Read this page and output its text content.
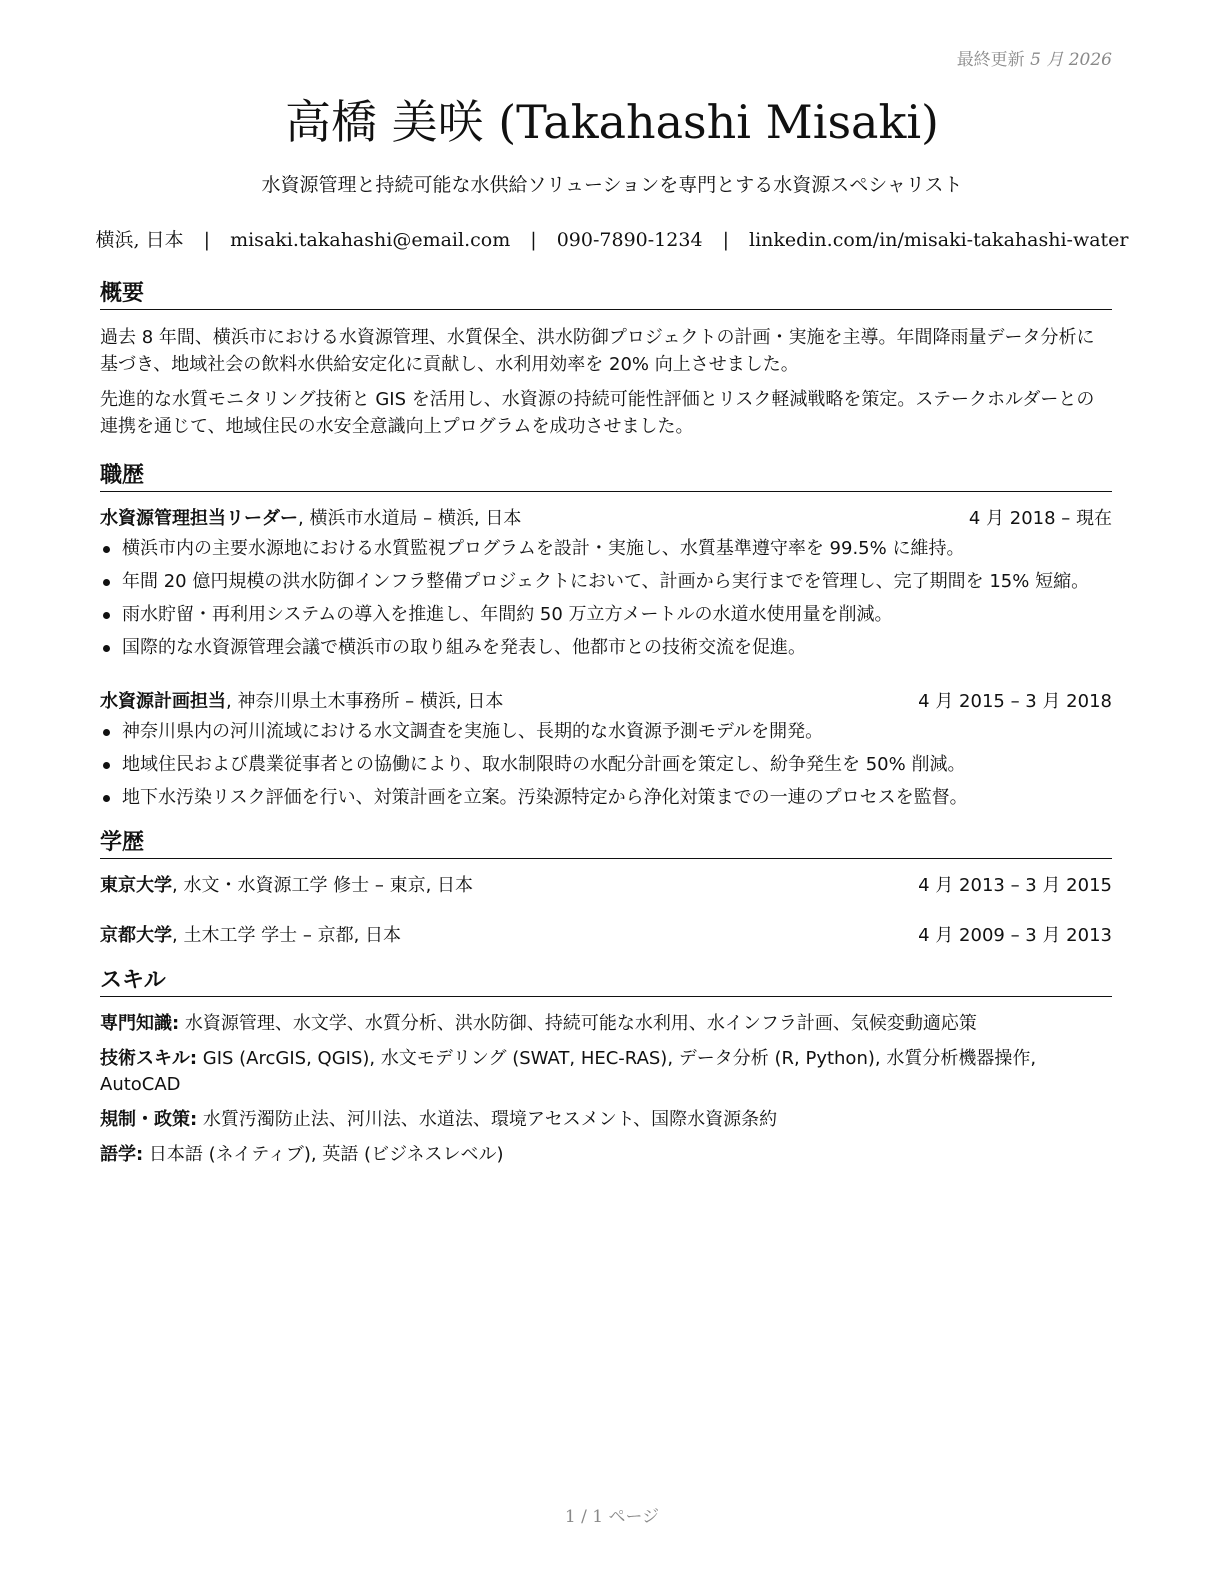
最終更新 5 月 2026
高橋 美咲 (Takahashi Misaki)
水資源管理と持続可能な水供給ソリューションを専門とする水資源スペシャリスト
横浜, 日本 | misaki.takahashi@email.com | 090-7890-1234 | linkedin.com/in/misaki-takahashi-water
概要

過去 8 年間、横浜市における水資源管理、水質保全、洪水防御プロジェクトの計画・実施を主導。年間降雨量データ分析に基づき、地域社会の飲料水供給安定化に貢献し、水利用効率を 20% 向上させました。

先進的な水質モニタリング技術と GIS を活用し、水資源の持続可能性評価とリスク軽減戦略を策定。ステークホルダーとの連携を通じて、地域住民の水安全意識向上プログラムを成功させました。

職歴
水資源管理担当リーダー, 横浜市水道局 – 横浜, 日本	4 月 2018 – 現在
横浜市内の主要水源地における水質監視プログラムを設計・実施し、水質基準遵守率を 99.5% に維持。
年間 20 億円規模の洪水防御インフラ整備プロジェクトにおいて、計画から実行までを管理し、完了期間を 15% 短縮。
雨水貯留・再利用システムの導入を推進し、年間約 50 万立方メートルの水道水使用量を削減。
国際的な水資源管理会議で横浜市の取り組みを発表し、他都市との技術交流を促進。
水資源計画担当, 神奈川県土木事務所 – 横浜, 日本	4 月 2015 – 3 月 2018
神奈川県内の河川流域における水文調査を実施し、長期的な水資源予測モデルを開発。
地域住民および農業従事者との協働により、取水制限時の水配分計画を策定し、紛争発生を 50% 削減。
地下水汚染リスク評価を行い、対策計画を立案。汚染源特定から浄化対策までの一連のプロセスを監督。
学歴
東京大学, 水文・水資源工学 修士 – 東京, 日本	4 月 2013 – 3 月 2015
京都大学, 土木工学 学士 – 京都, 日本	4 月 2009 – 3 月 2013
スキル
専門知識: 水資源管理、水文学、水質分析、洪水防御、持続可能な水利用、水インフラ計画、気候変動適応策
技術スキル: GIS (ArcGIS, QGIS), 水文モデリング (SWAT, HEC-RAS), データ分析 (R, Python), 水質分析機器操作, AutoCAD
規制・政策: 水質汚濁防止法、河川法、水道法、環境アセスメント、国際水資源条約
語学: 日本語 (ネイティブ), 英語 (ビジネスレベル)
1 / 1 ページ
